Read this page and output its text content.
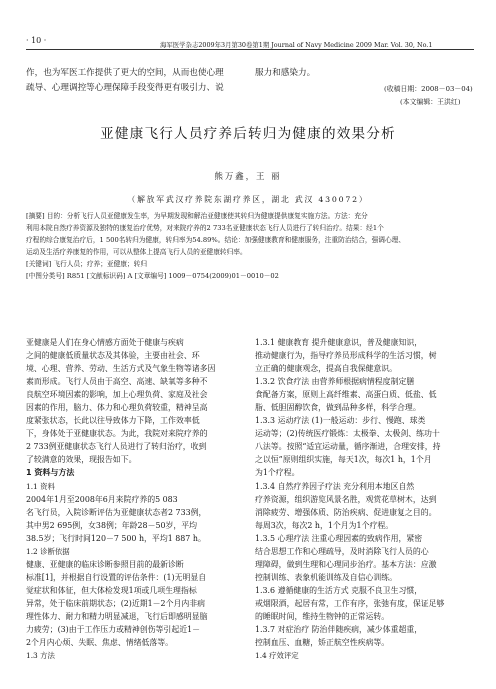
· 10 ·	海军医学杂志2009年3月第30卷第1期 Journal of Navy Medicine 2009 Mar. Vol. 30, No.1
作，也为军医工作提供了更大的空间，从而也使心理
疏导、心理调控等心理保障手段变得更有吸引力、说
服力和感染力。
(收稿日期：2008－03－04)
(本文编辑：王洪红)
亚健康飞行人员疗养后转归为健康的效果分析
熊万鑫，王 丽
（解放军武汉疗养院东湖疗养区，湖北 武汉 430072）
[摘要] 目的：分析飞行人员亚健康发生率，为早期发现和解治亚健康使其转归为健康提供康复实施方法。方法：充分
利用本院自然疗养资源及独特的康复治疗优势，对来院疗养的2 733名亚健康状态飞行人员进行了转归治疗。结果：经1个
疗程的综合康复治疗后，1 500名转归为健康，转归率为54.89%。结论：加强健康教育和健康服务，注重防治结合，强调心理、
运动及生活疗养康复的作用，可以从整体上提高飞行人员的亚健康转归率。
[关键词] 飞行人员；疗养；亚健康；转归
[中图分类号] R851 [文献标识码] A [文章编号] 1009－0754(2009)01－0010－02
亚健康是人们在身心情感方面处于健康与疾病
之间的健康低质量状态及其体验，主要由社会、环
境、心理、营养、劳动、生活方式及气象生物等诸多因
素而形成。飞行人员由于高空、高速、缺氧等多种不
良航空环境因素的影响，加上心理负荷、家庭及社会
因素的作用，脑力、体力和心理负荷较重，精神呈高
度紧张状态，长此以往导致体力下降，工作效率低
下，身体处于亚健康状态。为此，我院对来院疗养的
2 733例亚健康状态飞行人员进行了转归治疗，收到
了较满意的效果，现报告如下。
1 资料与方法
1.1 资料
2004年1月至2008年6月来院疗养的5 083
名飞行员，入院诊断评估为亚健康状态者2 733例，
其中男2 695例，女38例；年龄28－50岁，平均
38.5岁；飞行时间120－7 500 h，平均1 887 h。
1.2 诊断依据
健康、亚健康的临床诊断参照目前的最新诊断
标准[1]，并根据自行设置的评估条件：(1)无明显自
觉症状和体征，但大体检发现1项或几项生理指标
异常，处于临床前期状态；(2)近期1－2个月内非病
理性体力、耐力和精力明显减退，飞行后即感明显脑
力疲劳；(3)由于工作压力或精神创伤等引起近1－
2个月内心烦、失眠、焦虑、情绪低落等。
1.3 方法
1.3.1 健康教育 提升健康意识，普及健康知识，
推动健康行为，指导疗养员形成科学的生活习惯，树
立正确的健康观念，提高自我保健意识。
1.3.2 饮食疗法 由营养师根据病情程度制定膳
食配备方案，原则上高纤维素、高蛋白质、低盐、低
脂、低胆固醇饮食，做到品种多样，科学合理。
1.3.3 运动疗法 (1)一般运动：步行、慢跑、球类
运动等；(2)传统医疗锻炼：太极拳、太极剑、练功十
八法等。按照“适宜运动量，循序渐进，合理安排，持
之以恒”原则组织实施，每天1次，每次1 h，1个月
为1个疗程。
1.3.4 自然疗养因子疗法 充分利用本地区自然
疗养资源，组织游览风景名胜，观赏花草树木，达到
消除疲劳、增强体质、防治疾病、促进康复之目的。
每周3次，每次2 h，1个月为1个疗程。
1.3.5 心理疗法 注重心理因素的致病作用，紧密
结合思想工作和心理疏导，及时消除飞行人员的心
理障碍，做到生理和心理同步治疗。基本方法：应激
控制训练、表象机能训练及自信心训练。
1.3.6 遵循健康的生活方式 克服不良卫生习惯，
戒烟限酒，起居有常，工作有序，张弛有度，保证足够
的睡眠时间，维持生物钟的正常运转。
1.3.7 对症治疗 防治伴随疾病，减少体重超重，
控制血压、血糖，矫正航空性疾病等。
1.4 疗效评定
